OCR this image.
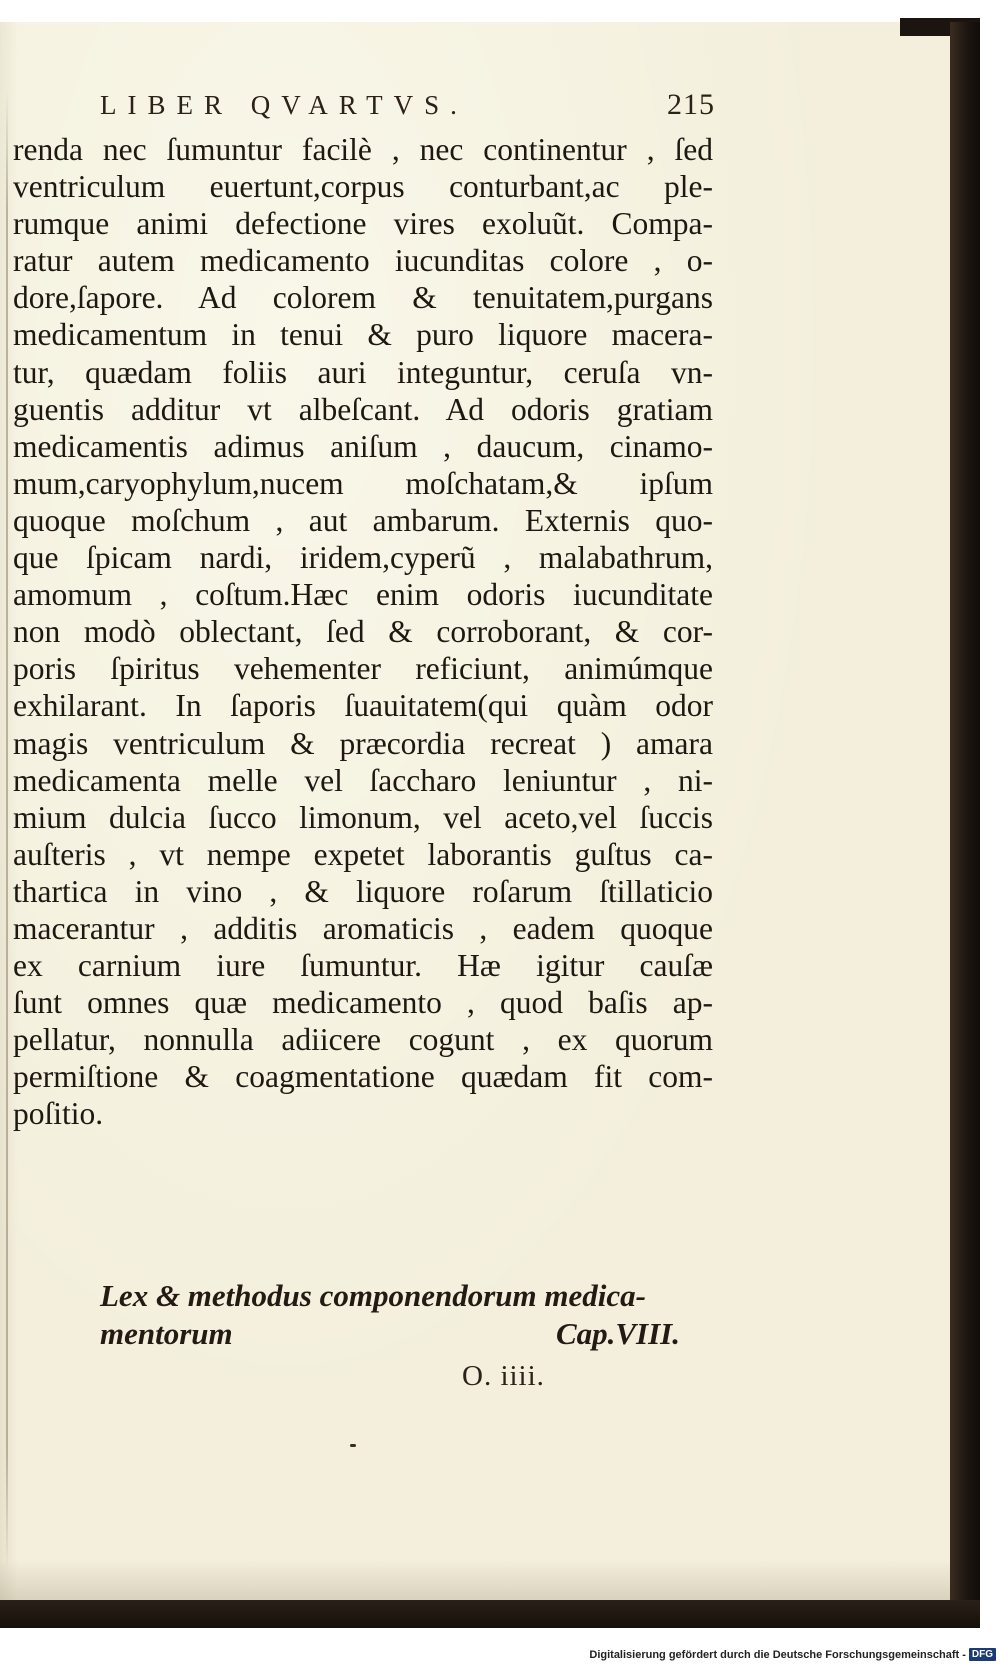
LIBER QVARTVS.	215
renda nec ſumuntur facilè , nec continentur , ſed
ventriculum euertunt,corpus conturbant,ac ple-
rumque animi defectione vires exoluũt. Compa-
ratur autem medicamento iucunditas colore , o-
dore,ſapore. Ad colorem & tenuitatem,purgans
medicamentum in tenui & puro liquore macera-
tur, quædam foliis auri integuntur, ceruſa vn-
guentis additur vt albeſcant. Ad odoris gratiam
medicamentis adimus aniſum , daucum, cinamo-
mum,caryophylum,nucem moſchatam,& ipſum
quoque moſchum , aut ambarum. Externis quo-
que ſpicam nardi, iridem,cyperũ , malabathrum,
amomum , coſtum.Hæc enim odoris iucunditate
non modò oblectant, ſed & corroborant, & cor-
poris ſpiritus vehementer reficiunt, animúmque
exhilarant. In ſaporis ſuauitatem(qui quàm odor
magis ventriculum & præcordia recreat ) amara
medicamenta melle vel ſaccharo leniuntur , ni-
mium dulcia ſucco limonum, vel aceto,vel ſuccis
auſteris , vt nempe expetet laborantis guſtus ca-
thartica in vino , & liquore roſarum ſtillaticio
macerantur , additis aromaticis , eadem quoque
ex carnium iure ſumuntur. Hæ igitur cauſæ
ſunt omnes quæ medicamento , quod baſis ap-
pellatur, nonnulla adiicere cogunt , ex quorum
permiſtione & coagmentatione quædam fit com-
poſitio.
Lex & methodus componendorum medica-
mentorum	Cap.VIII.
O. iiii.
Digitalisierung gefördert durch die Deutsche Forschungsgemeinschaft - DFG
